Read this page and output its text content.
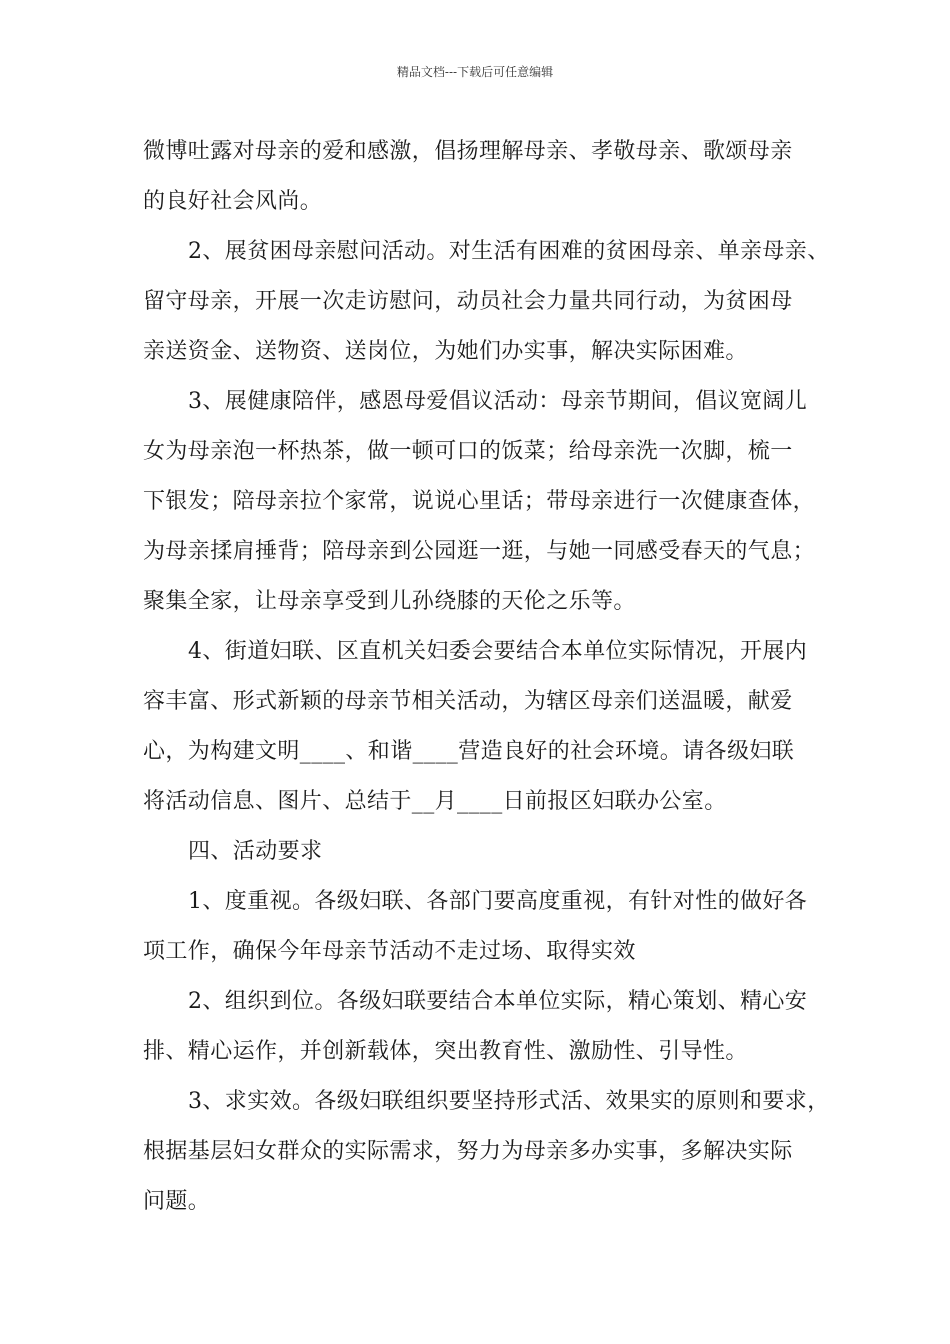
精品文档---下载后可任意编辑
微博吐露对母亲的爱和感激，倡扬理解母亲、孝敬母亲、歌颂母亲
的良好社会风尚。
2、展贫困母亲慰问活动。对生活有困难的贫困母亲、单亲母亲、
留守母亲，开展一次走访慰问，动员社会力量共同行动，为贫困母
亲送资金、送物资、送岗位，为她们办实事，解决实际困难。
3、展健康陪伴，感恩母爱倡议活动：母亲节期间，倡议宽阔儿
女为母亲泡一杯热茶，做一顿可口的饭菜；给母亲洗一次脚，梳一
下银发；陪母亲拉个家常，说说心里话；带母亲进行一次健康查体，
为母亲揉肩捶背；陪母亲到公园逛一逛，与她一同感受春天的气息；
聚集全家，让母亲享受到儿孙绕膝的天伦之乐等。
4、街道妇联、区直机关妇委会要结合本单位实际情况，开展内
容丰富、形式新颖的母亲节相关活动，为辖区母亲们送温暖，献爱
心，为构建文明____、和谐____营造良好的社会环境。请各级妇联
将活动信息、图片、总结于__月____日前报区妇联办公室。
四、活动要求
1、度重视。各级妇联、各部门要高度重视，有针对性的做好各
项工作，确保今年母亲节活动不走过场、取得实效
2、组织到位。各级妇联要结合本单位实际，精心策划、精心安
排、精心运作，并创新载体，突出教育性、激励性、引导性。
3、求实效。各级妇联组织要坚持形式活、效果实的原则和要求，
根据基层妇女群众的实际需求，努力为母亲多办实事，多解决实际
问题。
